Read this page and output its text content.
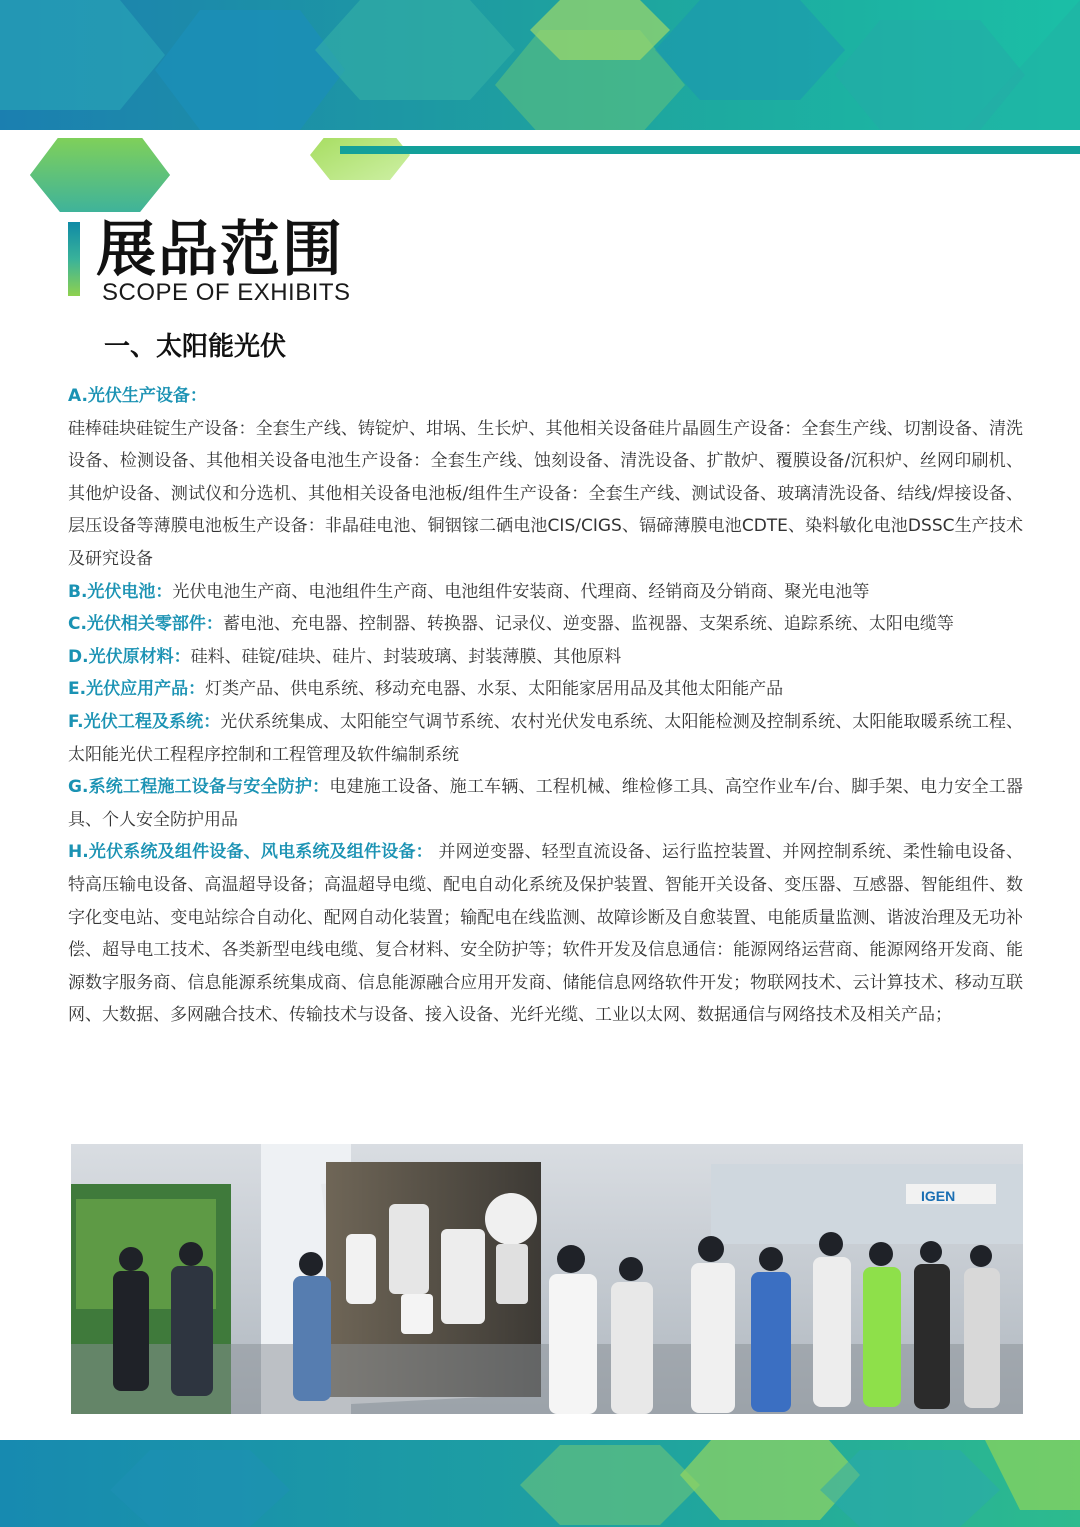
展品范围
SCOPE OF EXHIBITS
一、太阳能光伏

A.光伏生产设备：
硅棒硅块硅锭生产设备：全套生产线、铸锭炉、坩埚、生长炉、其他相关设备硅片晶圆生产设备：全套生产线、切割设备、清洗设备、检测设备、其他相关设备电池生产设备：全套生产线、蚀刻设备、清洗设备、扩散炉、覆膜设备/沉积炉、丝网印刷机、其他炉设备、测试仪和分选机、其他相关设备电池板/组件生产设备：全套生产线、测试设备、玻璃清洗设备、结线/焊接设备、层压设备等薄膜电池板生产设备：非晶硅电池、铜铟镓二硒电池CIS/CIGS、镉碲薄膜电池CDTE、染料敏化电池DSSC生产技术及研究设备

B.光伏电池：光伏电池生产商、电池组件生产商、电池组件安装商、代理商、经销商及分销商、聚光电池等

C.光伏相关零部件：蓄电池、充电器、控制器、转换器、记录仪、逆变器、监视器、支架系统、追踪系统、太阳电缆等

D.光伏原材料：硅料、硅锭/硅块、硅片、封装玻璃、封装薄膜、其他原料

E.光伏应用产品：灯类产品、供电系统、移动充电器、水泵、太阳能家居用品及其他太阳能产品

F.光伏工程及系统：光伏系统集成、太阳能空气调节系统、农村光伏发电系统、太阳能检测及控制系统、太阳能取暖系统工程、太阳能光伏工程程序控制和工程管理及软件编制系统

G.系统工程施工设备与安全防护：电建施工设备、施工车辆、工程机械、维检修工具、高空作业车/台、脚手架、电力安全工器具、个人安全防护用品

H.光伏系统及组件设备、风电系统及组件设备： 并网逆变器、轻型直流设备、运行监控装置、并网控制系统、柔性输电设备、特高压输电设备、高温超导设备；高温超导电缆、配电自动化系统及保护装置、智能开关设备、变压器、互感器、智能组件、数字化变电站、变电站综合自动化、配网自动化装置；输配电在线监测、故障诊断及自愈装置、电能质量监测、谐波治理及无功补偿、超导电工技术、各类新型电线电缆、复合材料、安全防护等；软件开发及信息通信：能源网络运营商、能源网络开发商、能源数字服务商、信息能源系统集成商、信息能源融合应用开发商、储能信息网络软件开发；物联网技术、云计算技术、移动互联网、大数据、多网融合技术、传输技术与设备、接入设备、光纤光缆、工业以太网、数据通信与网络技术及相关产品；

IGEN
